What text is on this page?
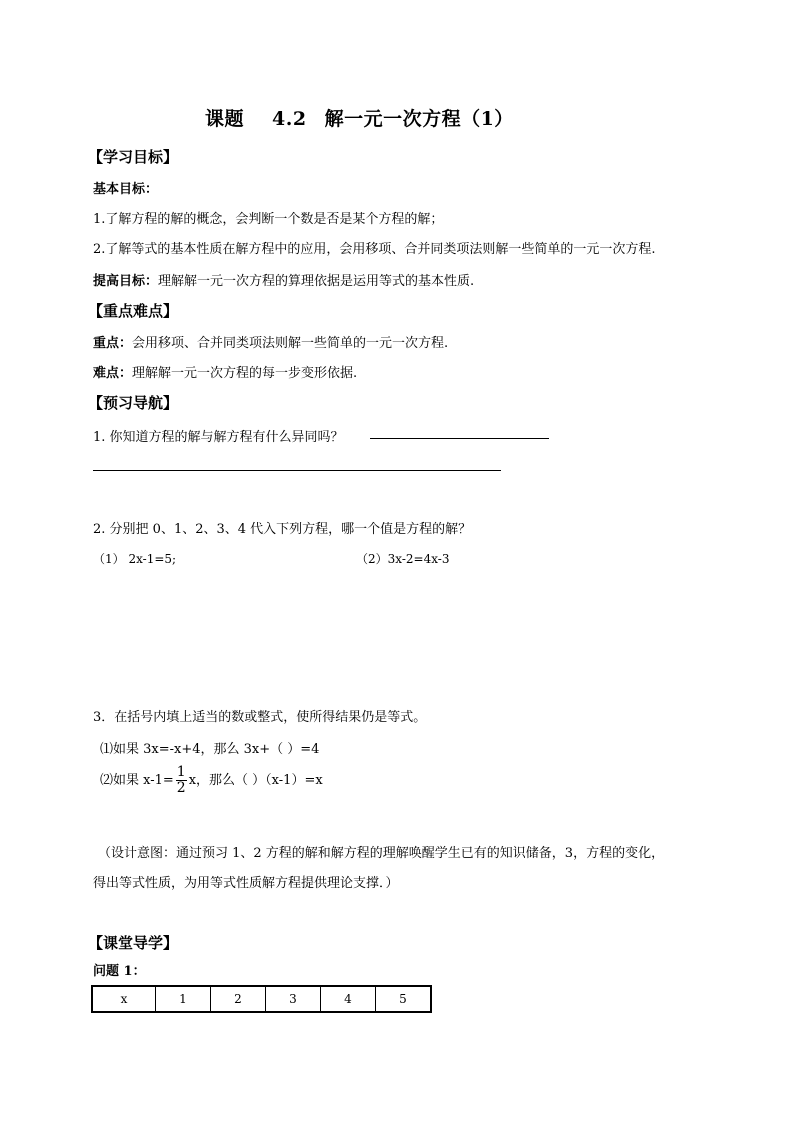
课题 4.2 解一元一次方程（1）
【学习目标】
基本目标：
1.了解方程的解的概念，会判断一个数是否是某个方程的解；
2.了解等式的基本性质在解方程中的应用，会用移项、合并同类项法则解一些简单的一元一次方程.
提高目标：理解解一元一次方程的算理依据是运用等式的基本性质.
【重点难点】
重点：会用移项、合并同类项法则解一些简单的一元一次方程.
难点：理解解一元一次方程的每一步变形依据.
【预习导航】
1. 你知道方程的解与解方程有什么异同吗？
2. 分别把 0、1、2、3、4 代入下列方程，哪一个值是方程的解？
（1） 2x-1=5;	（2）3x-2=4x-3
3．在括号内填上适当的数或整式，使所得结果仍是等式。
⑴如果 3x=-x+4，那么 3x+（ ）=4
⑵如果 $x-1= \frac{1}{2}$ x，那么（ ）（x-1）=x
（设计意图：通过预习 1、2 方程的解和解方程的理解唤醒学生已有的知识储备，3，方程的变化，
得出等式性质，为用等式性质解方程提供理论支撑．）
【课堂导学】
问题 1：
x	1	2	3	4	5
